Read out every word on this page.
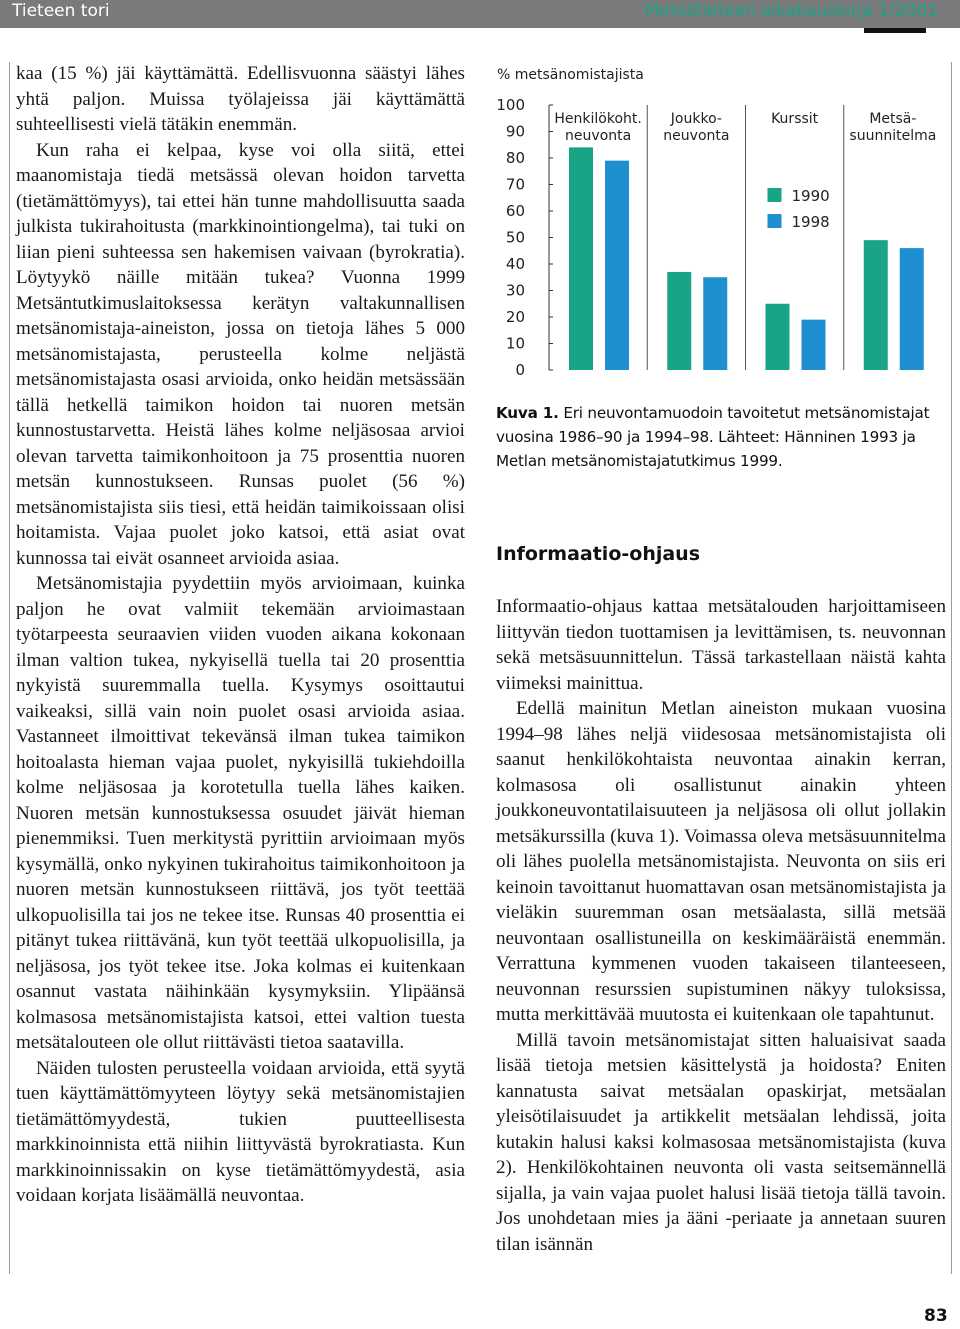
Tieteen tori	Metsätieteen aikakauskirja 1/2001

kaa (15 %) jäi käyttämättä. Edellisvuonna säästyi lähes yhtä paljon. Muissa työlajeissa jäi käyttämättä suhteellisesti vielä tätäkin enemmän.

Kun raha ei kelpaa, kyse voi olla siitä, ettei maanomistaja tiedä metsässä olevan hoidon tarvetta (tietämättömyys), tai ettei hän tunne mahdollisuutta saada julkista tukirahoitusta (markkinointiongelma), tai tuki on liian pieni suhteessa sen hakemisen vaivaan (byrokratia). Löytyykö näille mitään tukea? Vuonna 1999 Metsäntutkimuslaitoksessa kerätyn valtakunnallisen metsänomistaja-aineiston, jossa on tietoja lähes 5 000 metsänomistajasta, perusteella kolme neljästä metsänomistajasta osasi arvioida, onko heidän metsässään tällä hetkellä taimikon hoidon tai nuoren metsän kunnostustarvetta. Heistä lähes kolme neljäsosaa arvioi olevan tarvetta taimikonhoitoon ja 75 prosenttia nuoren metsän kunnostukseen. Runsas puolet (56 %) metsänomistajista siis tiesi, että heidän taimikoissaan olisi hoitamista. Vajaa puolet joko katsoi, että asiat ovat kunnossa tai eivät osanneet arvioida asiaa.

Metsänomistajia pyydettiin myös arvioimaan, kuinka paljon he ovat valmiit tekemään arvioimastaan työtarpeesta seuraavien viiden vuoden aikana kokonaan ilman valtion tukea, nykyisellä tuella tai 20 prosenttia nykyistä suuremmalla tuella. Kysymys osoittautui vaikeaksi, sillä vain noin puolet osasi arvioida asiaa. Vastanneet ilmoittivat tekevänsä ilman tukea taimikon hoitoalasta hieman vajaa puolet, nykyisillä tukiehdoilla kolme neljäsosaa ja korotetulla tuella lähes kaiken. Nuoren metsän kunnostuksessa osuudet jäivät hieman pienemmiksi. Tuen merkitystä pyrittiin arvioimaan myös kysymällä, onko nykyinen tukirahoitus taimikonhoitoon ja nuoren metsän kunnostukseen riittävä, jos työt teettää ulkopuolisilla tai jos ne tekee itse. Runsas 40 prosenttia ei pitänyt tukea riittävänä, kun työt teettää ulkopuolisilla, ja neljäsosa, jos työt tekee itse. Joka kolmas ei kuitenkaan osannut vastata näihinkään kysymyksiin. Ylipäänsä kolmasosa metsänomistajista katsoi, ettei valtion tuesta metsätalouteen ole ollut riittävästi tietoa saatavilla.

Näiden tulosten perusteella voidaan arvioida, että syytä tuen käyttämättömyyteen löytyy sekä metsänomistajien tietämättömyydestä, tukien puutteellisesta markkinoinnista että niihin liittyvästä byrokratiasta. Kun markkinoinnissakin on kyse tietämättömyydestä, asia voidaan korjata lisäämällä neuvontaa.

% metsänomistajista
0
10
20
30
40
50
60
70
80
90
100
Henkilökoht.
neuvonta
Joukko-
neuvonta
Kurssit	Metsä-
suunnitelma
1990
1998
Kuva 1. Eri neuvontamuodoin tavoitetut metsänomistajat vuosina 1986–90 ja 1994–98. Lähteet: Hänninen 1993 ja Metlan metsänomistajatutkimus 1999.
Informaatio-ohjaus

Informaatio-ohjaus kattaa metsätalouden harjoittamiseen liittyvän tiedon tuottamisen ja levittämisen, ts. neuvonnan sekä metsäsuunnittelun. Tässä tarkastellaan näistä kahta viimeksi mainittua.

Edellä mainitun Metlan aineiston mukaan vuosina 1994–98 lähes neljä viidesosaa metsänomistajista oli saanut henkilökohtaista neuvontaa ainakin kerran, kolmasosa oli osallistunut ainakin yhteen joukkoneuvontatilaisuuteen ja neljäsosa oli ollut jollakin metsäkurssilla (kuva 1). Voimassa oleva metsäsuunnitelma oli lähes puolella metsänomistajista. Neuvonta on siis eri keinoin tavoittanut huomattavan osan metsänomistajista ja vieläkin suuremman osan metsäalasta, sillä metsää neuvontaan osallistuneilla on keskimääräistä enemmän. Verrattuna kymmenen vuoden takaiseen tilanteeseen, neuvonnan resurssien supistuminen näkyy tuloksissa, mutta merkittävää muutosta ei kuitenkaan ole tapahtunut.

Millä tavoin metsänomistajat sitten haluaisivat saada lisää tietoja metsien käsittelystä ja hoidosta? Eniten kannatusta saivat metsäalan opaskirjat, metsäalan yleisötilaisuudet ja artikkelit metsäalan lehdissä, joita kutakin halusi kaksi kolmasosaa metsänomistajista (kuva 2). Henkilökohtainen neuvonta oli vasta seitsemännellä sijalla, ja vain vajaa puolet halusi lisää tietoja tällä tavoin. Jos unohdetaan mies ja ääni -periaate ja annetaan suuren tilan isännän

83
